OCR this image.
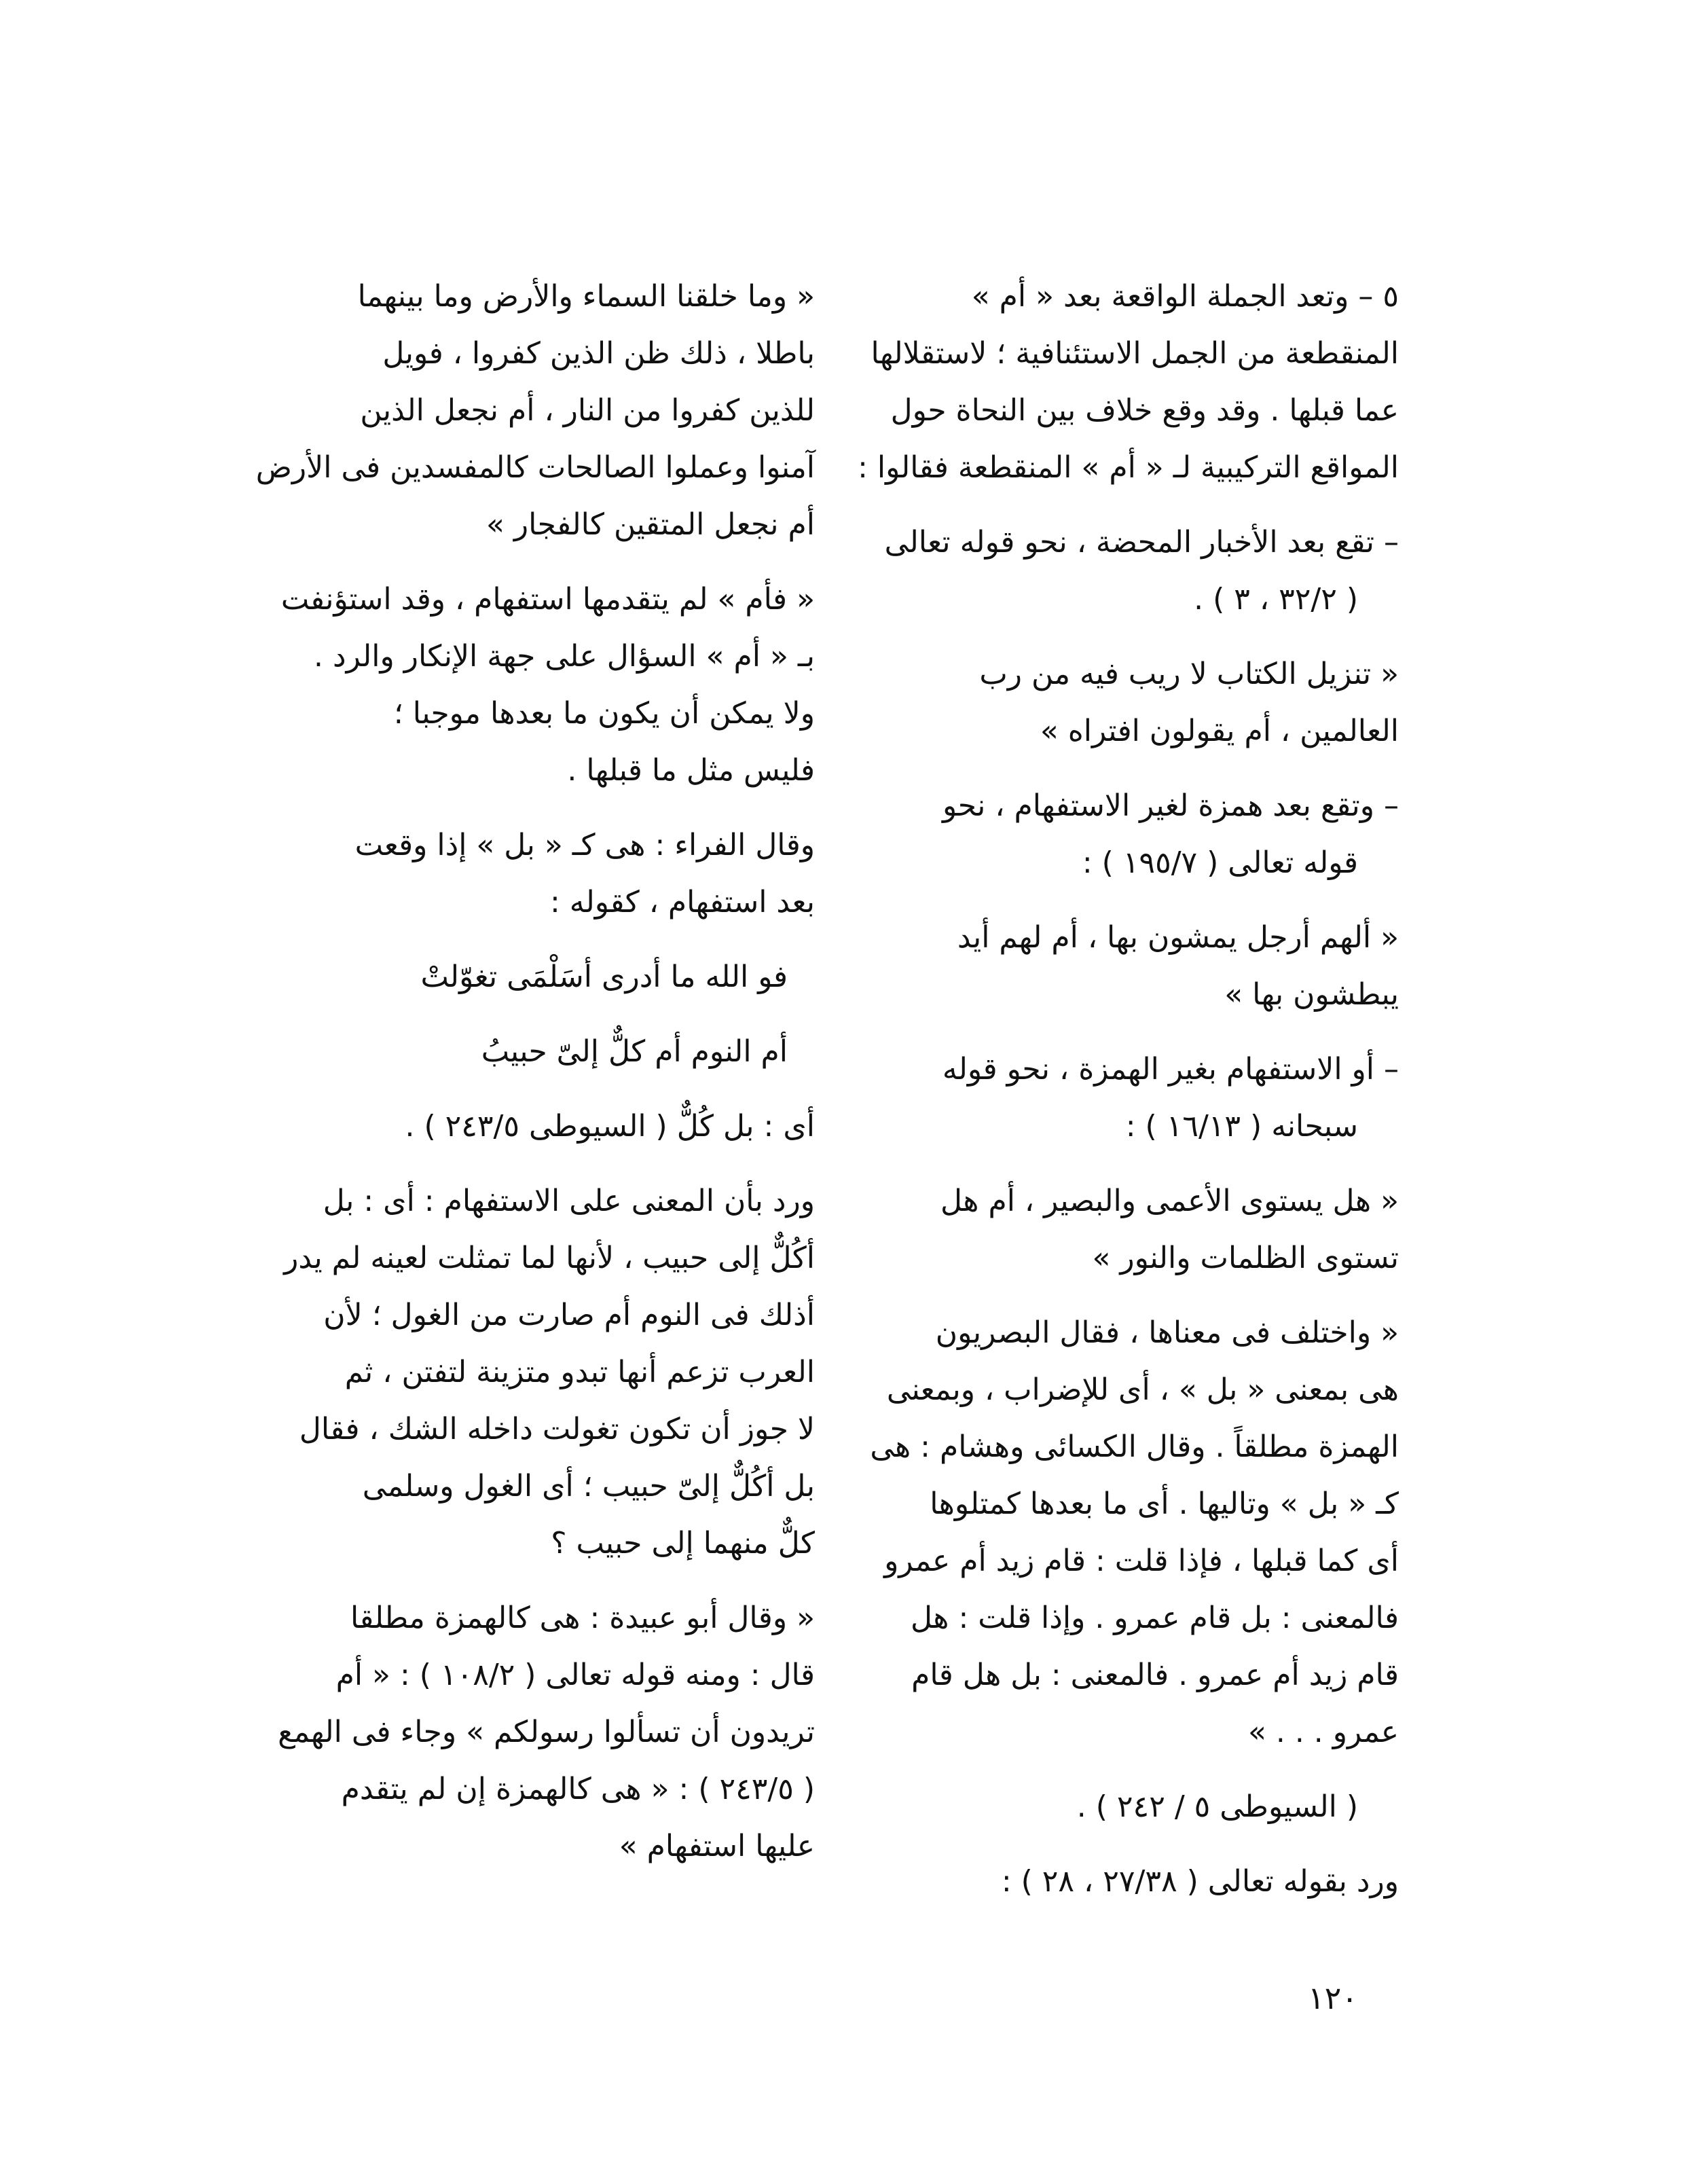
٥ – وتعد الجملة الواقعة بعد « أم »
المنقطعة من الجمل الاستئنافية ؛ لاستقلالها
عما قبلها . وقد وقع خلاف بين النحاة حول
المواقع التركيبية لـ « أم » المنقطعة فقالوا :
– تقع بعد الأخبار المحضة ، نحو قوله تعالى
( ٣٢/٢ ، ٣ ) .
« تنزيل الكتاب لا ريب فيه من رب
العالمين ، أم يقولون افتراه »
– وتقع بعد همزة لغير الاستفهام ، نحو
قوله تعالى ( ١٩٥/٧ ) :
« ألهم أرجل يمشون بها ، أم لهم أيد
يبطشون بها »
– أو الاستفهام بغير الهمزة ، نحو قوله
سبحانه ( ١٦/١٣ ) :
« هل يستوى الأعمى والبصير ، أم هل
تستوى الظلمات والنور »
« واختلف فى معناها ، فقال البصريون
هى بمعنى « بل » ، أى للإضراب ، وبمعنى
الهمزة مطلقاً . وقال الكسائى وهشام : هى
كـ « بل » وتاليها . أى ما بعدها كمتلوها
أى كما قبلها ، فإذا قلت : قام زيد أم عمرو
فالمعنى : بل قام عمرو . وإذا قلت : هل
قام زيد أم عمرو . فالمعنى : بل هل قام
عمرو . . . »
( السيوطى ٥ / ٢٤٢ ) .
ورد بقوله تعالى ( ٢٧/٣٨ ، ٢٨ ) :
« وما خلقنا السماء والأرض وما بينهما
باطلا ، ذلك ظن الذين كفروا ، فويل
للذين كفروا من النار ، أم نجعل الذين
آمنوا وعملوا الصالحات كالمفسدين فى الأرض
أم نجعل المتقين كالفجار »
« فأم » لم يتقدمها استفهام ، وقد استؤنفت
بـ « أم » السؤال على جهة الإنكار والرد .
ولا يمكن أن يكون ما بعدها موجبا ؛
فليس مثل ما قبلها .
وقال الفراء : هى كـ « بل » إذا وقعت
بعد استفهام ، كقوله :
فو الله ما أدرى أسَلْمَى تغوّلتْ
أم النوم أم كلٌّ إلىّ حبيبُ
أى : بل كُلٌّ ( السيوطى ٢٤٣/٥ ) .
ورد بأن المعنى على الاستفهام : أى : بل
أكُلٌّ إلى حبيب ، لأنها لما تمثلت لعينه لم يدر
أذلك فى النوم أم صارت من الغول ؛ لأن
العرب تزعم أنها تبدو متزينة لتفتن ، ثم
لا جوز أن تكون تغولت داخله الشك ، فقال
بل أكُلٌّ إلىّ حبيب ؛ أى الغول وسلمى
كلٌّ منهما إلى حبيب ؟
« وقال أبو عبيدة : هى كالهمزة مطلقا
قال : ومنه قوله تعالى ( ١٠٨/٢ ) : « أم
تريدون أن تسألوا رسولكم » وجاء فى الهمع
( ٢٤٣/٥ ) : « هى كالهمزة إن لم يتقدم
عليها استفهام »
١٢٠
